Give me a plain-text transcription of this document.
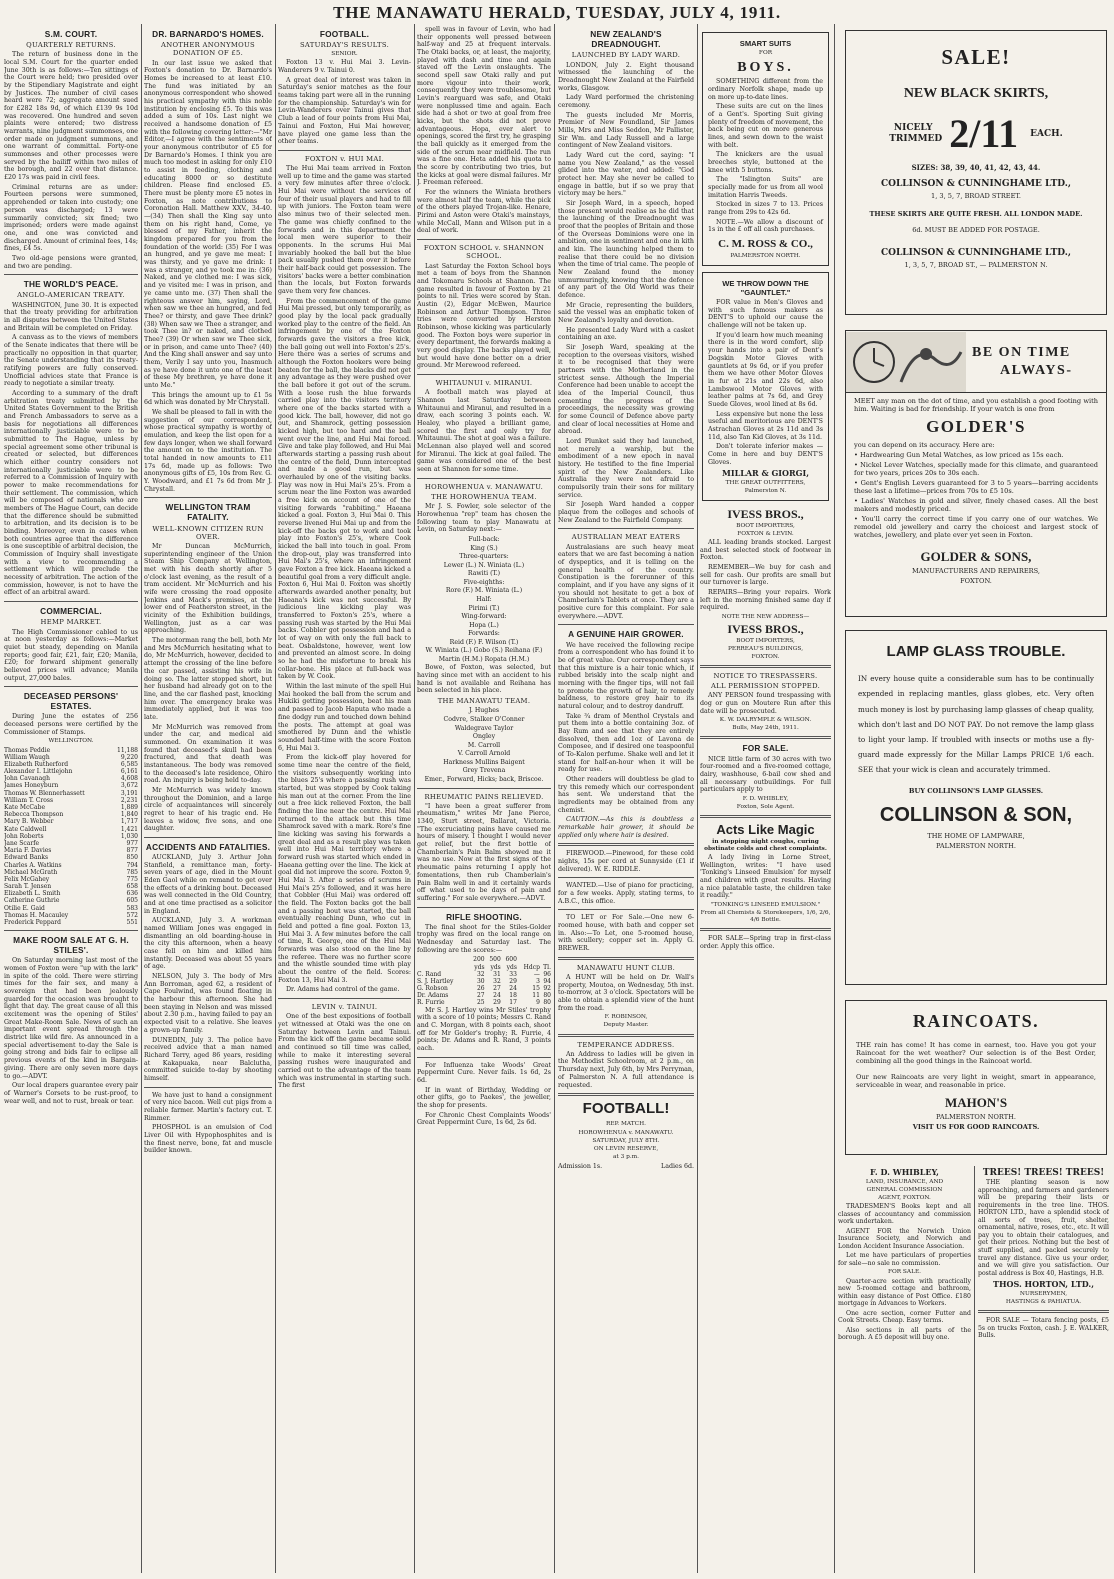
THE MANAWATU HERALD, TUESDAY, JULY 4, 1911.
S.M. COURT.
QUARTERLY RETURNS.

The return of business done in the local S.M. Court for the quarter ended June 30th is as follows:—Ten sittings of the Court were held; two presided over by the Stipendiary Magistrate and eight by Justices. The number of civil cases heard were 72; aggregate amount sued for £282 18s 9d, of which £139 9s 10d was recovered. One hundred and seven plaints were entered; two distress warrants, nine judgment summonses, one order made on judgment summons, and one warrant of committal. Forty-one summonses and other processes were served by the bailiff within two miles of the borough, and 22 over that distance. £20 17s was paid in civil fees.

Criminal returns are as under: Fourteen persons were summoned, apprehended or taken into custody; one person was discharged; 13 were summarily convicted; six fined; two imprisoned; orders were made against one, and one was convicted and discharged. Amount of criminal fees, 14s; fines, £4 5s.

Two old-age pensions were granted, and two are pending.

THE WORLD'S PEACE.
ANGLO-AMERICAN TREATY.

WASHINGTON, June 30. It is expected that the treaty providing for arbitration in all disputes between the United States and Britain will be completed on Friday.

A canvass as to the views of members of the Senate indicates that there will be practically no opposition in that quarter, the Senate understanding that its treaty-ratifying powers are fully conserved. Unofficial advices state that France is ready to negotiate a similar treaty.

According to a summary of the draft arbitration treaty submitted by the United States Government to the British and French Ambassadors to serve as a basis for negotiations all differences internationally justiciable were to be submitted to The Hague, unless by special agreement some other tribunal is created or selected, but differences which either country considers not internationally justiciable were to be referred to a Commission of Inquiry with power to make recommendations for their settlement. The commission, which will be composed of nationals who are members of The Hague Court, can decide that the difference should be submitted to arbitration, and its decision is to be binding. Moreover, even in cases when both countries agree that the difference is one susceptible of arbitral decision, the Commission of Inquiry shall investigate with a view to recommending a settlement which will preclude the necessity of arbitration. The action of the commission, however, is not to have the effect of an arbitral award.

COMMERCIAL.
HEMP MARKET.

The High Commissioner cabled to us at noon yesterday as follows:—Market quiet but steady, depending on Manila reports; good fair, £21, fair, £20; Manila, £20; for forward shipment generally believed prices will advance; Manila output, 27,000 bales.

DECEASED PERSONS' ESTATES.

During June the estates of 256 deceased persons were certified by the Commissioner of Stamps.

WELLINGTON.
Thomas Peddie	11,188
William Waugh	9,220
Elizabeth Rutherford	6,585
Alexander I. Littlejohn	6,161
John Cavanagh	4,608
James Honeyburn	3,672
Thomas W. Blennerhassett	3,191
William T. Cross	2,231
Kate McCabe	1,889
Rebecca Thompson	1,840
Mary B. Webber	1,717
Kate Caldwell	1,421
John Roberts	1,030
Jane Scarfe	977
Maria F. Davies	877
Edward Banks	850
Charles A. Watkins	794
Michael McGrath	785
Felix McGahey	775
Sarah T. Jensen	658
Elizabeth L. Smith	636
Catherine Guthrie	605
Otilie E. Gaid	583
Thomas H. Macauley	572
Frederick Peppard	551
MAKE ROOM SALE AT G. H. STILES'.

On Saturday morning last most of the women of Foxton were "up with the lark" in spite of the cold. There were stirring times for the fair sex, and many a sovereign that had been jealously guarded for the occasion was brought to light that day. The great cause of all this excitement was the opening of Stiles' Great Make-Room Sale. News of such an important event spread through the district like wild fire. As announced in a special advertisement to-day the Sale is going strong and bids fair to eclipse all previous events of the kind in Bargain-giving. There are only seven more days to go.—ADVT.

Our local drapers guarantee every pair of Warner's Corsets to be rust-proof, to wear well, and not to rust, break or tear.

DR. BARNARDO'S HOMES.
ANOTHER ANONYMOUS DONATION OF £5.

In our last issue we asked that Foxton's donation to Dr. Barnardo's Homes be increased to at least £10. The fund was initiated by an anonymous correspondent who showed his practical sympathy with this noble institution by enclosing £5. To this was added a sum of 10s. Last night we received a handsome donation of £5 with the following covering letter:—"Mr Editor,—I agree with the sentiments of your anonymous contributor of £5 for Dr Barnardo's Homes. I think you are much too modest in asking for only £10 to assist in feeding, clothing and educating 8000 or so destitute children. Please find enclosed £5. There must be plenty more £5 notes in Foxton, as note contributions to Coronation Hall. Matthew XXV., 34-40.—(34) Then shall the King say unto them on his right hand, Come, ye blessed of my Father, inherit the kingdom prepared for you from the foundation of the world: (35) For I was an hungred, and ye gave me meat: I was thirsty, and ye gave me drink: I was a stranger, and ye took me in: (36) Naked, and ye clothed me: I was sick, and ye visited me: I was in prison, and ye came unto me. (37) Then shall the righteous answer him, saying, Lord, when saw we thee an hungred, and fed Thee? or thirsty, and gave Thee drink? (38) When saw we Thee a stranger, and took Thee in? or naked, and clothed Thee? (39) Or when saw we Thee sick, or in prison, and came unto Thee? (40) And the King shall answer and say unto them, Verily I say unto you, Inasmuch as ye have done it unto one of the least of these My brethren, ye have done it unto Me."

This brings the amount up to £1 5s 6d which was donated by Mr Chrystall.

We shall be pleased to fall in with the suggestion of our correspondent, whose practical sympathy is worthy of emulation, and keep the list open for a few days longer, when we shall forward the amount on to the institution. The total handed in now amounts to £11 17s 6d, made up as follows: Two anonymous gifts of £5, 10s from Rev. G. Y. Woodward, and £1 7s 6d from Mr J. Chrystall.

WELLINGTON TRAM FATALITY.
WELL-KNOWN CITIZEN RUN OVER.

Mr Duncan McMurrich, superintending engineer of the Union Steam Ship Company at Wellington, met with his death shortly after 5 o'clock last evening, as the result of a tram accident. Mr McMurrich and his wife were crossing the road opposite Jenkins and Mack's premises, at the lower end of Featherston street, in the vicinity of the Exhibition buildings, Wellington, just as a car was approaching.

The motorman rang the bell, both Mr and Mrs McMurrich hesitating what to do, Mr McMurrich, however, decided to attempt the crossing of the line before the car passed, assisting his wife in doing so. The latter stopped short, but her husband had already got on to the line, and the car flashed past, knocking him over. The emergency brake was immediately applied, but it was too late.

Mr McMurrich was removed from under the car, and medical aid summoned. On examination it was found that deceased's skull had been fractured, and that death was instantaneous. The body was removed to the deceased's late residence, Ohiro road. An inquiry is being held to-day.

Mr McMurrich was widely known throughout the Dominion, and a large circle of acquaintances will sincerely regret to hear of his tragic end. He leaves a widow, five sons, and one daughter.

ACCIDENTS AND FATALITIES.

AUCKLAND, July 3. Arthur John Stanfield, a remittance man, forty-seven years of age, died in the Mount Eden Gaol while on remand to get over the effects of a drinking bout. Deceased was well connected in the Old Country, and at one time practised as a solicitor in England.

AUCKLAND, July 3. A workman named William Jones was engaged in dismantling an old boarding-house in the city this afternoon, when a heavy case fell on him and killed him instantly. Deceased was about 55 years of age.

NELSON, July 3. The body of Mrs Ann Borroman, aged 62, a resident of Cape Foulwind, was found floating in the harbour this afternoon. She had been staying in Nelson and was missed about 2.30 p.m., having failed to pay an expected visit to a relative. She leaves a grown-up family.

DUNEDIN, July 3. The police have received advice that a man named Richard Terry, aged 86 years, residing at Kakapuaka, near Balclutha, committed suicide to-day by shooting himself.

We have just to hand a consignment of very nice bacon. Well cut pigs from a reliable farmer. Martin's factory cut. T. Rimmer.

PHOSPHOL is an emulsion of Cod Liver Oil with Hypophosphites and is the finest nerve, bone, fat and muscle builder known.

FOOTBALL.
SATURDAY'S RESULTS.
SENIOR.

Foxton 13 v. Hui Mai 3. Levin-Wanderers 9 v. Tainui 0.

A great deal of interest was taken in Saturday's senior matches as the four teams taking part were all in the running for the championship. Saturday's win for Levin-Wanderers over Tainui gives that Club a lead of four points from Hui Mai, Tainui and Foxton, Hui Mai however, have played one game less than the other teams.

FOXTON v. HUI MAI.

The Hui Mai team arrived in Foxton well up to time and the game was started a very few minutes after three o'clock. Hui Mai were without the services of four of their usual players and had to fill up with juniors. The Foxton team were also minus two of their selected men. The game was chiefly confined to the forwards and in this department the local men were superior to their opponents. In the scrums Hui Mai invariably hooked the ball but the blue pack usually pushed them over it before their half-back could get possession. The visitors' backs were a better combination than the locals, but Foxton forwards gave them very few chances.

From the commencement of the game Hui Mai pressed, but only temporarily, as good play by the local pack gradually worked play to the centre of the field. An infringement by one of the Foxton forwards gave the visitors a free kick, the ball going out well into Foxton's 25's. Here there was a series of scrums and although the Foxton hookers were being beaten for the ball, the blacks did not get any advantage as they were pushed over the ball before it got out of the scrum. With a loose rush the blue forwards carried play into the visitors territory where one of the backs started with a good kick. The ball, however, did not go out, and Shamrock, getting possession kicked high, but too hard and the ball went over the line, and Hui Mai forced. Give and take play followed, and Hui Mai afterwards starting a passing rush about the centre of the field, Dunn intercepted and made a good run, but was overhauled by one of the visiting backs. Play was now in Hui Mai's 25's. From a scrum near the line Foxton was awarded a free kick on account of one of the visiting forwards "rabbiting." Haeana kicked a goal. Foxton 3, Hui Mai 0. This reverse livened Hui Mai up and from the kick-off the backs got to work and took play into Foxton's 25's, where Cook kicked the ball into touch in goal. From the drop-out, play was transferred into Hui Mai's 25's, where an infringement gave Foxton a free kick. Haeana kicked a beautiful goal from a very difficult angle. Foxton 6, Hui Mai 0. Foxton was shortly afterwards awarded another penalty, but Haeana's kick was not successful. By judicious line kicking play was transferred to Foxton's 25's, where a passing rush was started by the Hui Mai backs. Cobbler got possession and had a lot of way on with only the full back to beat. Osbaldstone, however, went low and prevented an almost score. In doing so he had the misfortune to break his collar-bone. His place at full-back was taken by W. Cook.

Within the last minute of the spell Hui Mai hooked the ball from the scrum and Hukiki getting possession, beat his man and passed to Jacob Haputa who made a fine dodgy run and touched down behind the posts. The attempt at goal was smothered by Dunn and the whistle sounded half-time with the score Foxton 6, Hui Mai 3.

From the kick-off play hovered for some time near the centre of the field, the visitors subsequently working into the blues 25's where a passing rush was started, but was stopped by Cook taking his man out at the corner. From the line out a free kick relieved Foxton, the ball finding the line near the centre. Hui Mai returned to the attack but this time Shamrock saved with a mark. Rore's fine line kicking was saving his forwards a great deal and as a result play was taken well into Hui Mai territory where a forward rush was started which ended in Haeana getting over the line. The kick at goal did not improve the score. Foxton 9, Hui Mai 3. After a series of scrums in Hui Mai's 25's followed, and it was here that Cobbler (Hui Mai) was ordered off the field. The Foxton backs got the ball and a passing bout was started, the ball eventually reaching Dunn, who cut in field and potted a fine goal. Foxton 13, Hui Mai 3. A few minutes before the call of time, R. George, one of the Hui Mai forwards was also stood on the line by the referee. There was no further score and the whistle sounded time with play about the centre of the field. Scores: Foxton 13, Hui Mai 3.

Dr. Adams had control of the game.

LEVIN v. TAINUI.

One of the best expositions of football yet witnessed at Otaki was the one on Saturday between Levin and Tainui. From the kick off the game became solid and continued so till time was called, while to make it interesting several passing rushes were inaugurated and carried out to the advantage of the team which was instrumental in starting such. The first

spell was in favour of Levin, who had their opponents well pressed between half-way and 25 at frequent intervals. The Otaki backs, or, at least, the majority, played with dash and time and again staved off the Levin onslaughts. The second spell saw Otaki rally and put more vigour into their work, consequently they were troublesome, but Levin's rearguard was safe, and Otaki were nonplussed time and again. Each side had a shot or two at goal from free kicks, but the shots did not prove advantageous. Hopa, ever alert to openings, scored the first try, he grasping the ball quickly as it emerged from the side of the scrum near midfield. The run was a fine one. Heta added his quota to the score by contributing two tries, but the kicks at goal were dismal failures. Mr J. Freeman refereed.

For the winners the Winiata brothers were almost half the team, while the pick of the others played Trojan-like. Henare, Pirimi and Aston were Otaki's mainstays, while McCall, Mann and Wilson put in a deal of work.

FOXTON SCHOOL v. SHANNON SCHOOL.

Last Saturday the Foxton School boys met a team of boys from the Shannon and Tokomaru Schools at Shannon. The game resulted in favour of Foxton by 21 points to nil. Tries were scored by Stan. Austin (2), Edgar McEwen, Maurice Robinson and Arthur Thompson. Three tries were converted by Herston Robinson, whose kicking was particularly good. The Foxton boys were superior in every department, the forwards making a very good display. The backs played well, but would have done better on a drier ground. Mr Merewood refereed.

WHITAUNUI v. MIRANUI.

A football match was played at Shannon last Saturday between Whitaunui and Miranui, and resulted in a draw, each scoring 3 points each. W. Healey, who played a brilliant game, scored the first and only try for Whitaunui. The shot at goal was a failure. McLennan also played well and scored for Miranui. The kick at goal failed. The game was considered one of the best seen at Shannon for some time.

HOROWHENUA v. MANAWATU.
THE HOROWHENUA TEAM.

Mr J. S. Fowler, sole selector of the Horowhenua "rep" team has chosen the following team to play Manawatu at Levin, on Saturday next:—

Full-back:
King (S.)
Three-quarters:
Lewer (L.) N. Winiata (L.)
Rawiti (T.)
Five-eighths:
Rore (F.) M. Winiata (L.)
Half:
Pirimi (T.)
Wing-forward:
Hopa (L.)
Forwards:
Reid (F.) F. Wilson (T.)
W. Winiata (L.) Gobo (S.) Reihana (F.)
Martin (H.M.) Ropata (H.M.)

Bowe, of Foxton, was selected, but having since met with an accident to his hand is not available and Reihana has been selected in his place.

THE MANAWATU TEAM.
J. Hughes
Codvre, Stalker O'Conner
Waldegrave Taylor
Ongley
M. Carroll
V. Carroll Arnold
Harkness Mullins Baigent
Grey Trevena
Emer., Forward, Hicks; back, Briscoe.
RHEUMATIC PAINS RELIEVED.

"I have been a great sufferer from rheumatism," writes Mr Jane Pierce, 1340, Sturt street, Ballarat, Victoria. "The excruciating pains have caused me hours of misery. I thought I would never get relief, but the first bottle of Chamberlain's Pain Balm showed me it was no use. Now at the first signs of the rheumatic pains returning I apply hot fomentations, then rub Chamberlain's Pain Balm well in and it certainly wards off what used to be days of pain and suffering." For sale everywhere.—ADVT.

RIFLE SHOOTING.

The final shoot for the Stiles-Golder trophy was fired on the local range on Wednesday and Saturday last. The following are the scores:—

	200	500	600		
	yds	yds	yds	Hdcp	Tl.
C. Rand	32	31	33	—	96
S. J. Hartley	30	32	29	3	94
G. Robson	26	27	24	15	92
Dr. Adams	27	24	18	11	80
R. Furrie	25	29	17	9	80

Mr S. J. Hartley wins Mr Stiles' trophy with a score of 10 points; Messrs C. Rand and C. Morgan, with 8 points each, shoot off for Mr Golder's trophy; R. Furrie, 4 points; Dr. Adams and R. Rand, 3 points each.

For Influenza take Woods' Great Peppermint Cure. Never fails. 1s 6d, 2s 6d.

If in want of Birthday, Wedding or other gifts, go to Paekes', the jeweller, the shop for presents.

For Chronic Chest Complaints Woods' Great Peppermint Cure, 1s 6d, 2s 6d.

NEW ZEALAND'S DREADNOUGHT.
LAUNCHED BY LADY WARD.

LONDON, July 2. Eight thousand witnessed the launching of the Dreadnought New Zealand at the Fairfield works, Glasgow.

Lady Ward performed the christening ceremony.

The guests included Mr Morris, Premier of New Foundland, Sir James Mills, Mrs and Miss Seddon, Mr Pallister, Sir Wm. and Lady Russell and a large contingent of New Zealand visitors.

Lady Ward cut the cord, saying: "I name you New Zealand," as the vessel glided into the water, and added: "God protect her. May she never be called to engage in battle, but if so we pray that victory may be hers."

Sir Joseph Ward, in a speech, hoped those present would realise as he did that the launching of the Dreadnought was proof that the peoples of Britain and those of the Overseas Dominions were one in ambition, one in sentiment and one in kith and kin. The launching helped them to realise that there could be no division when the time of trial came. The people of New Zealand found the money unmurmuringly, knowing that the defence of any part of the Old World was their defence.

Mr Gracie, representing the builders, said the vessel was an emphatic token of New Zealand's loyalty and devotion.

He presented Lady Ward with a casket containing an axe.

Sir Joseph Ward, speaking at the reception to the overseas visitors, wished it to be recognised that they were partners with the Motherland in the strictest sense. Although the Imperial Conference had been unable to accept the idea of the Imperial Council, thus cementing the progress of the proceedings, the necessity was growing for some Council of Defence above party and clear of local necessities at Home and abroad.

Lord Plunket said they had launched, not merely a warship, but the embodiment of a new epoch in naval history. He testified to the fine Imperial spirit of the New Zealanders. Like Australia they were not afraid to compulsorily train their sons for military service.

Sir Joseph Ward handed a copper plaque from the colleges and schools of New Zealand to the Fairfield Company.

AUSTRALIAN MEAT EATERS

Australasians are such heavy meat eaters that we are fast becoming a nation of dyspeptics, and it is telling on the general health of the country. Constipation is the forerunner of this complaint, and if you have any signs of it you should not hesitate to get a box of Chamberlain's Tablets at once. They are a positive cure for this complaint. For sale everywhere.—ADVT.

A GENUINE HAIR GROWER.

We have received the following recipe from a correspondent who has found it to be of great value. Our correspondent says that this mixture is a hair tonic which, if rubbed briskly into the scalp night and morning with the finger tips, will not fail to promote the growth of hair, to remedy baldness, to restore grey hair to its natural colour, and to destroy dandruff.

Take ¾ dram of Menthol Crystals and put them into a bottle containing 3oz. of Bay Rum and see that they are entirely dissolved, then add 1oz of Lavona de Composee, and if desired one teaspoonful of To-Kalon perfume. Shake well and let it stand for half-an-hour when it will be ready for use.

Other readers will doubtless be glad to try this remedy which our correspondent has sent. We understand that the ingredients may be obtained from any chemist.

CAUTION.—As this is doubtless a remarkable hair grower, it should be applied only where hair is desired.

FIREWOOD.—Pinewood, for these cold nights, 15s per cord at Sunnyside (£1 if delivered). W. E. RIDDLE.

WANTED.—Use of piano for practicing, for a few weeks. Apply, stating terms, to A.B.C., this office.

TO LET or For Sale.—One new 6-roomed house, with bath and copper set in. Also:—To Let, one 5-roomed house, with scullery; copper set in. Apply G. BREWER.

MANAWATU HUNT CLUB.

A HUNT will be held on Dr. Wall's property, Moutoa, on Wednesday, 5th inst. to-morrow, at 3 o'clock. Spectators will be able to obtain a splendid view of the hunt from the road.

F. ROBINSON,
Deputy Master.
TEMPERANCE ADDRESS.

An Address to ladies will be given in the Methodist Schoolroom, at 2 p.m., on Thursday next, July 6th, by Mrs Perryman, of Palmerston N. A full attendance is requested.

FOOTBALL!
REP. MATCH.
HOROWHENUA v. MANAWATU.
SATURDAY, JULY 8TH.
ON LEVIN RESERVE,
at 3 p.m.
Admission 1s.	Ladies 6d.
SMART SUITS
FOR
BOYS.

SOMETHING different from the ordinary Norfolk shape, made up on more up-to-date lines.

These suits are cut on the lines of a Gent's. Sporting Suit giving plenty of freedom of movement, the back being cut on more generous lines, and sewn down to the waist with belt.

The knickers are the usual breeches style, buttoned at the knee with 5 buttons.

The "Islington Suits" are specially made for us from all wool imitation Harris Tweeds.

Stocked in sizes 7 to 13. Prices range from 29s to 42s 6d.

NOTE.—We allow a discount of 1s in the £ off all cash purchases.

C. M. ROSS & CO.,
PALMERSTON NORTH.
WE THROW DOWN THE "GAUNTLET."

FOR value in Men's Gloves and with such famous makers as DENT'S to uphold our cause the challenge will not be taken up.

If you'd learn how much meaning there is in the word comfort, slip your hands into a pair of Dent's Dogskin Motor Gloves with gauntlets at 9s 6d, or if you prefer them we have other Motor Gloves in fur at 21s and 22s 6d, also Lambswool Motor Gloves with leather palms at 7s 6d, and Grey Suede Gloves, wool lined at 8s 6d.

Less expensive but none the less useful and meritorious are DENT'S Astrachan Gloves at 2s 11d and 3s 11d, also Tan Kid Gloves, at 3s 11d.

Don't tolerate inferior makes —Come in here and buy DENT'S Gloves.

MILLAR & GIORGI,
THE GREAT OUTFITTERS,
Palmerston N.
IVESS BROS.,
BOOT IMPORTERS,
FOXTON & LEVIN.

ALL leading brands stocked. Largest and best selected stock of footwear in Foxton.

REMEMBER—We buy for cash and sell for cash. Our profits are small but our turnover is large.

REPAIRS—Bring your repairs. Work left in the morning finished same day if required.

NOTE THE NEW ADDRESS—
IVESS BROS.,
BOOT IMPORTERS,
PERREAU'S BUILDINGS,
FOXTON.
NOTICE TO TRESPASSERS.
ALL PERMISSION STOPPED.

ANY PERSON found trespassing with dog or gun on Moutere Run after this date will be prosecuted.

K. W. DALRYMPLE & WILSON.
Bulls, May 24th, 1911.
FOR SALE.

NICE little farm of 30 acres with two four-roomed and a five-roomed cottage, dairy, washhouse, 6-bail cow shed and all necessary outbuildings. For full particulars apply to

F. D. WHIBLEY,
Foxton, Sole Agent.
Acts Like Magic
in stopping night coughs, curing obstinate colds and chest complaints.

A lady living in Lorne Street, Wellington, writes: "I have used 'Tonking's Linseed Emulsion' for myself and children with great results. Having a nice palatable taste, the children take it readily."

"TONKING'S LINSEED EMULSION."
From all Chemists & Storekeepers, 1/6, 2/6, 4/6 Bottle.

FOR SALE—Spring trap in first-class order. Apply this office.

SALE!
NEW BLACK SKIRTS,
NICELY TRIMMED 2/11 EACH.

SIZES: 38, 39, 40, 41, 42, 43, 44.

COLLINSON & CUNNINGHAME LTD.,

1, 3, 5, 7, BROAD STREET.

THESE SKIRTS ARE QUITE FRESH. ALL LONDON MADE.

6d. MUST BE ADDED FOR POSTAGE.

COLLINSON & CUNNINGHAME LTD.,

1, 3, 5, 7, BROAD ST., — PALMERSTON N.

BE ON TIME
ALWAYS-

MEET any man on the dot of time, and you establish a good footing with him. Waiting is bad for friendship. If your watch is one from

GOLDER'S

you can depend on its accuracy. Here are:

• Hardwearing Gun Metal Watches, as low priced as 15s each.

• Nickel Lever Watches, specially made for this climate, and guaranteed for two years, prices 20s to 30s each.

• Gent's English Levers guaranteed for 3 to 5 years—barring accidents these last a lifetime—prices from 70s to £5 10s.

• Ladies' Watches in gold and silver, finely chased cases. All the best makers and modestly priced.

• You'll carry the correct time if you carry one of our watches. We remodel old jewellery and carry the choicest and largest stock of watches, jewellery, and plate ever yet seen in Foxton.

GOLDER & SONS,

MANUFACTURERS AND REPAIRERS,

FOXTON.

LAMP GLASS TROUBLE.

IN every house quite a considerable sum has to be continually expended in replacing mantles, glass globes, etc. Very often much money is lost by purchasing lamp glasses of cheap quality, which don't last and DO NOT PAY. Do not remove the lamp glass to light your lamp. If troubled with insects or moths use a fly-guard made expressly for the Millar Lamps PRICE 1/6 each. SEE that your wick is clean and accurately trimmed.

BUY COLLINSON'S LAMP GLASSES.

COLLINSON & SON,

THE HOME OF LAMPWARE,

PALMERSTON NORTH.

RAINCOATS.

THE rain has come! It has come in earnest, too. Have you got your Raincoat for the wet weather? Our selection is of the Best Order, combining all the good things in the Raincoat world.

Our new Raincoats are very light in weight, smart in appearance, serviceable in wear, and reasonable in price.

MAHON'S

PALMERSTON NORTH.

VISIT US FOR GOOD RAINCOATS.

F. D. WHIBLEY,
LAND, INSURANCE, AND
GENERAL COMMISSION
AGENT, FOXTON.

TRADESMEN'S Books kept and all classes of accountancy and commission work undertaken.

AGENT FOR the Norwich Union Insurance Society, and Norwich and London Accident Insurance Association.

Let me have particulars of properties for sale—no sale no commission.

FOR SALE.

Quarter-acre section with practically new 5-roomed cottage and bathroom, within easy distance of Post Office. £180 mortgage in Advances to Workers.

One acre section, corner Futter and Cook Streets. Cheap. Easy terms.

Also sections in all parts of the borough. A £5 deposit will buy one.

TREES! TREES! TREES!

THE planting season is now approaching, and farmers and gardeners will be preparing their lists or requirements in the tree line. THOS. HORTON LTD., have a splendid stock of all sorts of trees, fruit, shelter, ornamental, native, roses, etc., etc. It will pay you to obtain their catalogues, and get their prices. Nothing but the best of stuff supplied, and packed securely to travel any distance. Give us your order, and we will give you satisfaction. Our postal address is Box 40, Hastings, H.B.

THOS. HORTON, LTD.,
NURSERYMEN,
HASTINGS & PAHIATUA.

FOR SALE — Totara fencing posts, £5 5s on trucks Foxton, cash. J. E. WALKER, Bulls.
